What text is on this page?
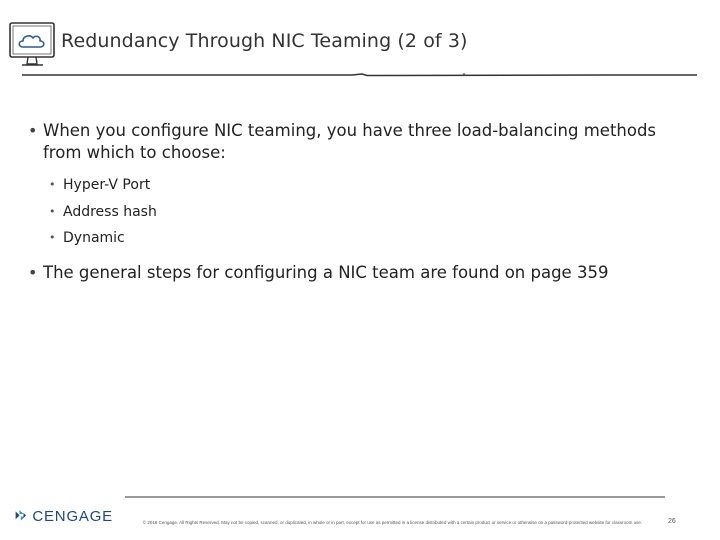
Redundancy Through NIC Teaming (2 of 3)
• When you configure NIC teaming, you have three load-balancing methods from which to choose:
• Hyper-V Port
• Address hash
• Dynamic
• The general steps for configuring a NIC team are found on page 359
CENGAGE	© 2018 Cengage. All Rights Reserved. May not be copied, scanned, or duplicated, in whole or in part, except for use as permitted in a license distributed with a certain product or service or otherwise on a password-protected website for classroom use.	26
